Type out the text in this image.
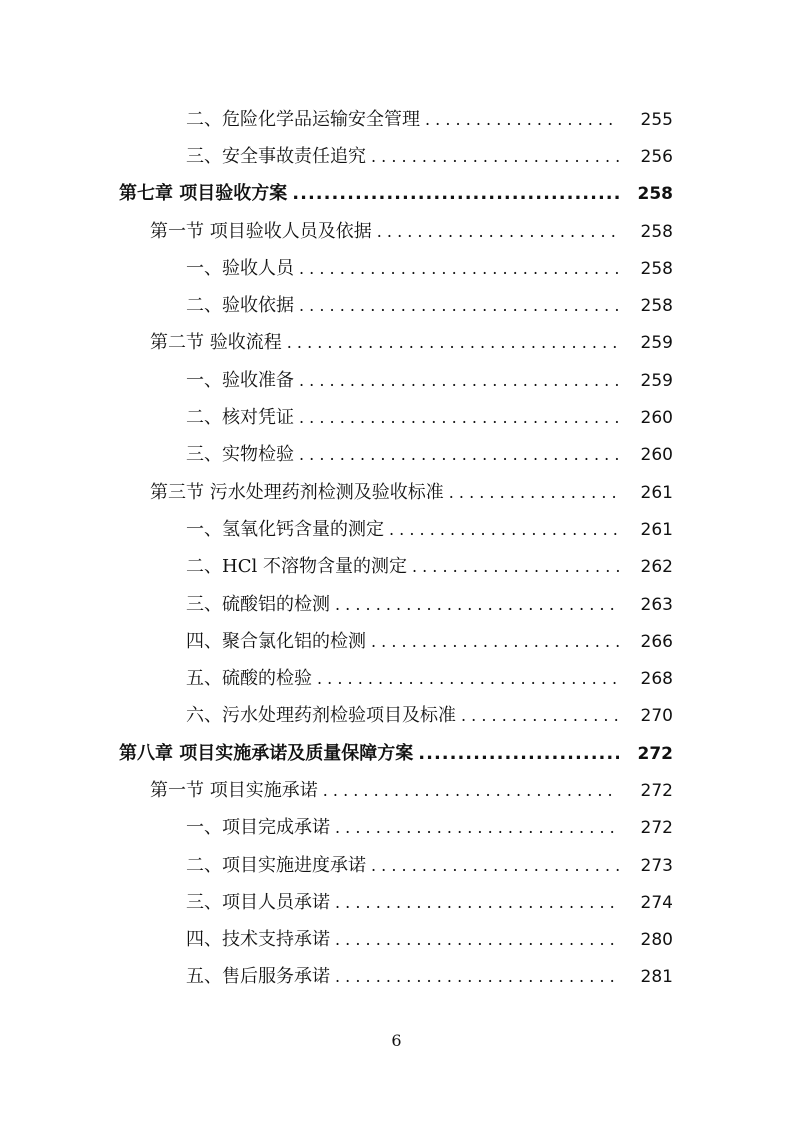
二、危险化学品运输安全管理 . . .	255
三、安全事故责任追究 . . .	256
第七章 项目验收方案 .....	258
第一节 项目验收人员及依据 . . .	258
一、验收人员 . . .	258
二、验收依据 . . .	258
第二节 验收流程 . . .	259
一、验收准备 . . .	259
二、核对凭证 . . .	260
三、实物检验 . . .	260
第三节 污水处理药剂检测及验收标准 . . .	261
一、氢氧化钙含量的测定 . . .	261
二、HCl 不溶物含量的测定 . . .	262
三、硫酸铝的检测 . . .	263
四、聚合氯化铝的检测 . . .	266
五、硫酸的检验 . . .	268
六、污水处理药剂检验项目及标准 . . .	270
第八章 项目实施承诺及质量保障方案 .....	272
第一节 项目实施承诺 . . .	272
一、项目完成承诺 . . .	272
二、项目实施进度承诺 . . .	273
三、项目人员承诺 . . .	274
四、技术支持承诺 . . .	280
五、售后服务承诺 . . .	281
6
